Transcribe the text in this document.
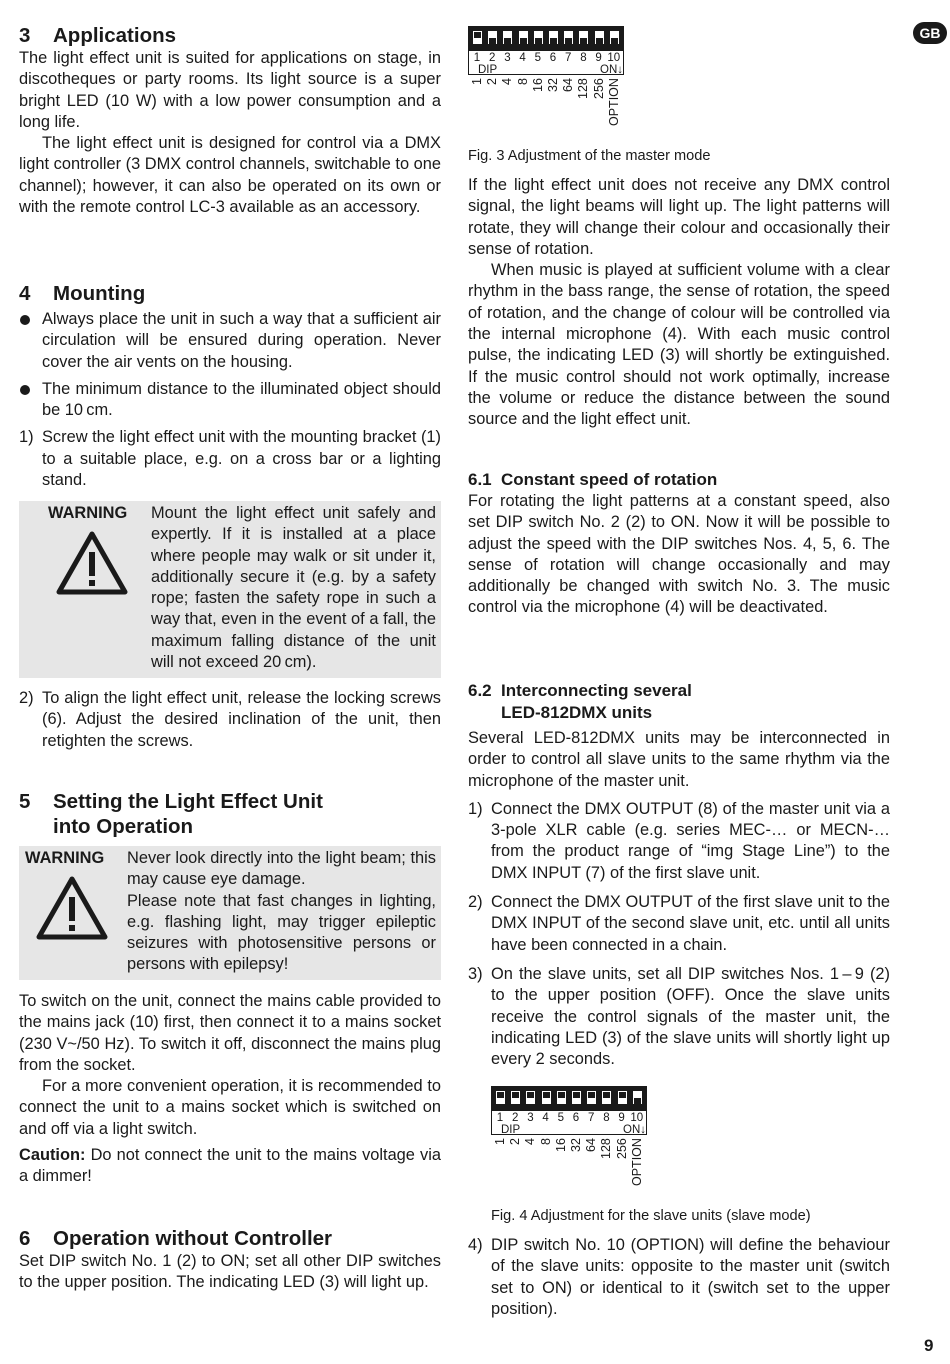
GB
3 Applications

The light effect unit is suited for applications on stage, in discotheques or party rooms. Its light source is a super bright LED (10 W) with a low power consumption and a long life.

The light effect unit is designed for control via a DMX light controller (3 DMX control channels, switchable to one channel); however, it can also be operated on its own or with the remote control LC-3 available as an accessory.

4 Mounting
Always place the unit in such a way that a sufficient air circulation will be ensured during operation. Never cover the air vents on the housing.
The minimum distance to the illuminated object should be 10 cm.
1) Screw the light effect unit with the mounting bracket (1) to a suitable place, e.g. on a cross bar or a lighting stand.
WARNING Mount the light effect unit safely and expertly. If it is installed at a place where people may walk or sit under it, additionally secure it (e.g. by a safety rope; fasten the safety rope in such a way that, even in the event of a fall, the maximum falling distance of the unit will not exceed 20 cm).
2) To align the light effect unit, release the locking screws (6). Adjust the desired inclination of the unit, then retighten the screws.
5 Setting the Light Effect Unit
into Operation
WARNING Never look directly into the light beam; this may cause eye damage.
Please note that fast changes in lighting, e.g. flashing light, may trigger epileptic seizures with photosensitive persons or persons with epilepsy!

To switch on the unit, connect the mains cable provided to the mains jack (10) first, then connect it to a mains socket (230 V~/50 Hz). To switch it off, disconnect the mains plug from the socket.

For a more convenient operation, it is recommended to connect the unit to a mains socket which is switched on and off via a light switch.

Caution: Do not connect the unit to the mains voltage via a dimmer!

6 Operation without Controller

Set DIP switch No. 1 (2) to ON; set all other DIP switches to the upper position. The indicating LED (3) will light up.

1
1
2
2
3
4
4
8
5
16
6
32
7
64
8
128
9
256
10
OPTION
DIP	ON↓
Fig. 3 Adjustment of the master mode

If the light effect unit does not receive any DMX control signal, the light beams will light up. The light patterns will rotate, they will change their colour and occasionally their sense of rotation.

When music is played at sufficient volume with a clear rhythm in the bass range, the sense of rotation, the speed of rotation, and the change of colour will be controlled via the internal microphone (4). With each music control pulse, the indicating LED (3) will shortly be extinguished. If the music control should not work optimally, increase the volume or reduce the distance between the sound source and the light effect unit.

6.1 Constant speed of rotation

For rotating the light patterns at a constant speed, also set DIP switch No. 2 (2) to ON. Now it will be possible to adjust the speed with the DIP switches Nos. 4, 5, 6. The sense of rotation will change occasionally and may additionally be changed with switch No. 3. The music control via the microphone (4) will be deactivated.

6.2 Interconnecting several
LED-812DMX units

Several LED-812DMX units may be interconnected in order to control all slave units to the same rhythm via the microphone of the master unit.

1) Connect the DMX OUTPUT (8) of the master unit via a 3-pole XLR cable (e.g. series MEC-… or MECN-… from the product range of “img Stage Line”) to the DMX INPUT (7) of the first slave unit.
2) Connect the DMX OUTPUT of the first slave unit to the DMX INPUT of the second slave unit, etc. until all units have been connected in a chain.
3) On the slave units, set all DIP switches Nos. 1 – 9 (2) to the upper position (OFF). Once the slave units receive the control signals of the master unit, the indicating LED (3) of the slave units will shortly light up every 2 seconds.
1
1
2
2
3
4
4
8
5
16
6
32
7
64
8
128
9
256
10
OPTION
DIP	ON↓
Fig. 4 Adjustment for the slave units (slave mode)
4) DIP switch No. 10 (OPTION) will define the behaviour of the slave units: opposite to the master unit (switch set to ON) or identical to it (switch set to the upper position).
9
